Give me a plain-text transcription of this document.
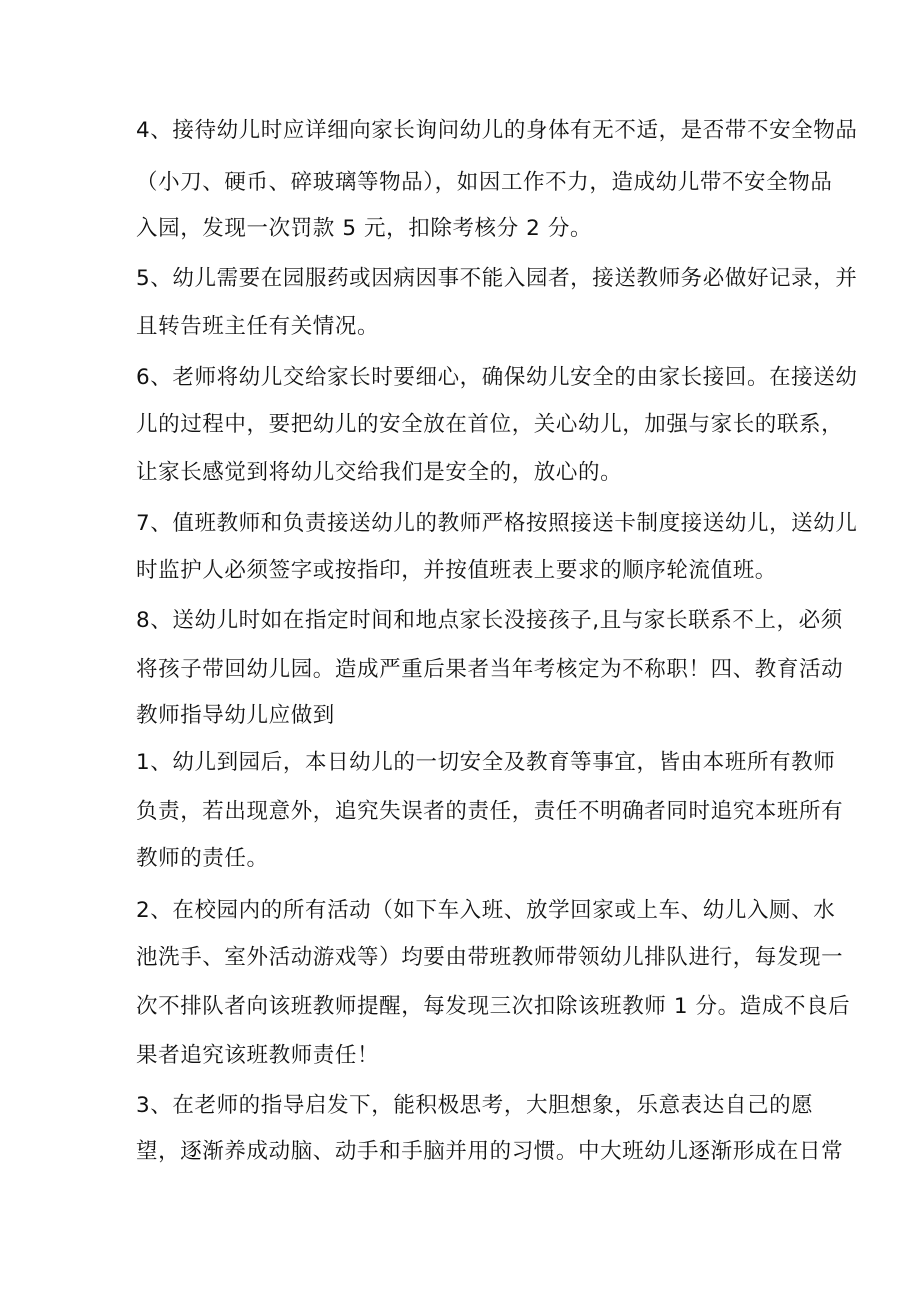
4、接待幼儿时应详细向家长询问幼儿的身体有无不适，是否带不安全物品
（小刀、硬币、碎玻璃等物品），如因工作不力，造成幼儿带不安全物品
入园，发现一次罚款 5 元，扣除考核分 2 分。
5、幼儿需要在园服药或因病因事不能入园者，接送教师务必做好记录，并
且转告班主任有关情况。
6、老师将幼儿交给家长时要细心，确保幼儿安全的由家长接回。在接送幼
儿的过程中，要把幼儿的安全放在首位，关心幼儿，加强与家长的联系，
让家长感觉到将幼儿交给我们是安全的，放心的。
7、值班教师和负责接送幼儿的教师严格按照接送卡制度接送幼儿，送幼儿
时监护人必须签字或按指印，并按值班表上要求的顺序轮流值班。
8、送幼儿时如在指定时间和地点家长没接孩子,且与家长联系不上，必须
将孩子带回幼儿园。造成严重后果者当年考核定为不称职！四、教育活动
教师指导幼儿应做到
1、幼儿到园后，本日幼儿的一切安全及教育等事宜，皆由本班所有教师
负责，若出现意外，追究失误者的责任，责任不明确者同时追究本班所有
教师的责任。
2、在校园内的所有活动（如下车入班、放学回家或上车、幼儿入厕、水
池洗手、室外活动游戏等）均要由带班教师带领幼儿排队进行，每发现一
次不排队者向该班教师提醒，每发现三次扣除该班教师 1 分。造成不良后
果者追究该班教师责任！
3、在老师的指导启发下，能积极思考，大胆想象，乐意表达自己的愿
望，逐渐养成动脑、动手和手脑并用的习惯。中大班幼儿逐渐形成在日常
